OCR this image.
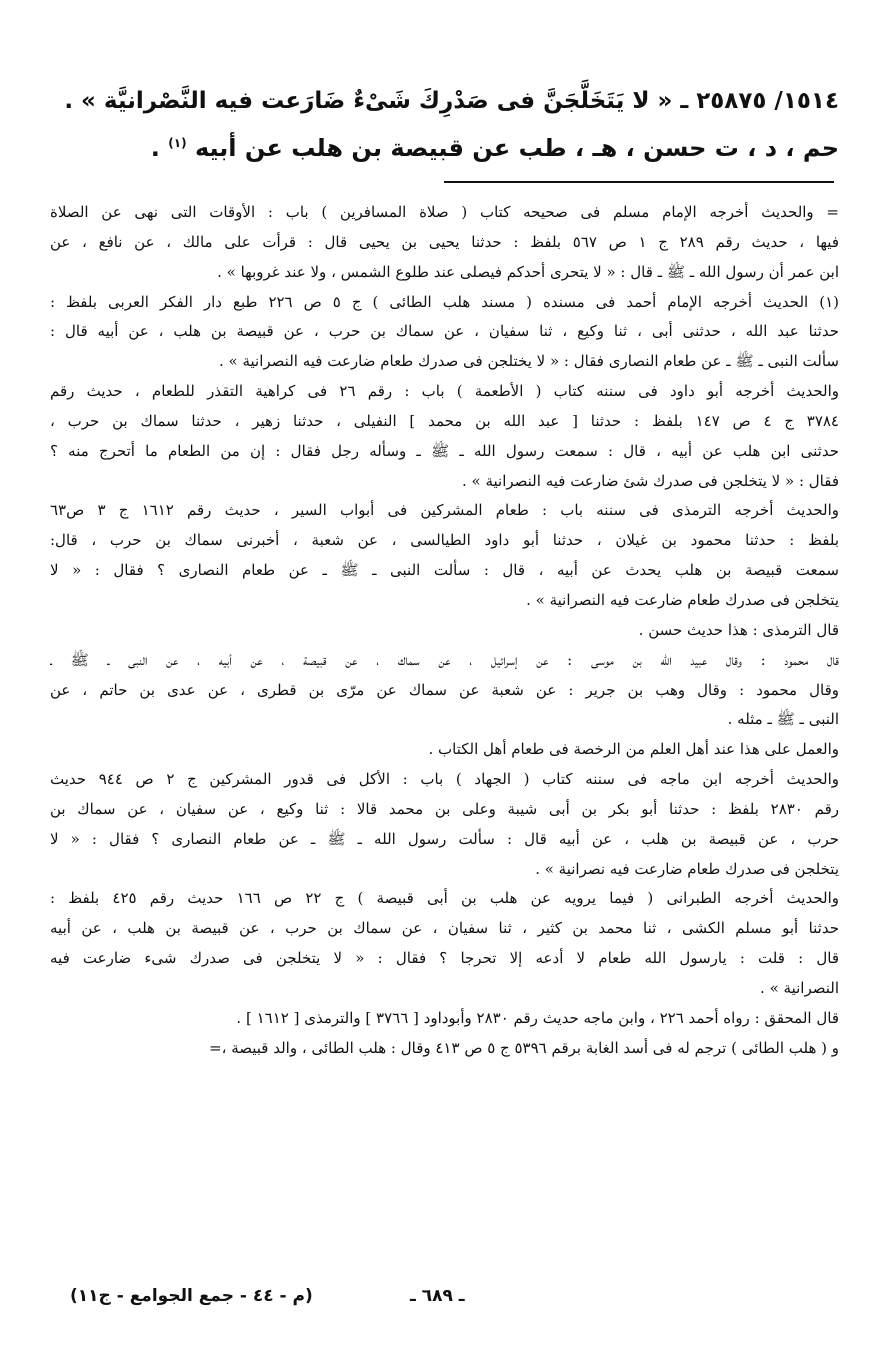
١٥١٤/ ٢٥٨٧٥ ـ « لا يَتَخَلَّجَنَّ فى صَدْرِكَ شَىْءٌ ضَارَعت فيه النَّصْرانيَّة » .
حم ، د ، ت حسن ، هـ ، طب عن قبيصة بن هلب عن أبيه $^{(١)}$ .
= والحديث أخرجه الإمام مسلم فى صحيحه كتاب ( صلاة المسافرين ) باب : الأوقات التى نهى عن الصلاة
فيها ، حديث رقم ٢٨٩ ج ١ ص ٥٦٧ بلفظ : حدثنا يحيى بن يحيى قال : قرأت على مالك ، عن نافع ، عن
ابن عمر أن رسول الله ـ ﷺ ـ قال : « لا يتحرى أحدكم فيصلى عند طلوع الشمس ، ولا عند غروبها » .
(١) الحديث أخرجه الإمام أحمد فى مسنده ( مسند هلب الطائى ) ج ٥ ص ٢٢٦ طبع دار الفكر العربى بلفظ :
حدثنا عبد الله ، حدثنى أبى ، ثنا وكيع ، ثنا سفيان ، عن سماك بن حرب ، عن قبيصة بن هلب ، عن أبيه قال :
سألت النبى ـ ﷺ ـ عن طعام النصارى فقال : « لا يختلجن فى صدرك طعام ضارعت فيه النصرانية » .
والحديث أخرجه أبو داود فى سننه كتاب ( الأطعمة ) باب : رقم ٢٦ فى كراهية التقذر للطعام ، حديث رقم
٣٧٨٤ ج ٤ ص ١٤٧ بلفظ : حدثنا [ عبد الله بن محمد ] النفيلى ، حدثنا زهير ، حدثنا سماك بن حرب ،
حدثنى ابن هلب عن أبيه ، قال : سمعت رسول الله ـ ﷺ ـ وسأله رجل فقال : إن من الطعام ما أتحرج منه ؟
فقال : « لا يتخلجن فى صدرك شئ ضارعت فيه النصرانية » .
والحديث أخرجه الترمذى فى سننه باب : طعام المشركين فى أبواب السير ، حديث رقم ١٦١٢ ج ٣ ص٦٣
بلفظ : حدثنا محمود بن غيلان ، حدثنا أبو داود الطيالسى ، عن شعبة ، أخبرنى سماك بن حرب ، قال:
سمعت قبيصة بن هلب يحدث عن أبيه ، قال : سألت النبى ـ ﷺ ـ عن طعام النصارى ؟ فقال : « لا
يتخلجن فى صدرك طعام ضارعت فيه النصرانية » .
قال الترمذى : هذا حديث حسن .
قال محمود : وقال عبيد الله بن موسى : عن إسرائيل ، عن سماك ، عن قبيصة ، عن أبيه ، عن النبى ـ ﷺ ـ
وقال محمود : وقال وهب بن جرير : عن شعبة عن سماك عن مرّى بن قطرى ، عن عدى بن حاتم ، عن
النبى ـ ﷺ ـ مثله .
والعمل على هذا عند أهل العلم من الرخصة فى طعام أهل الكتاب .
والحديث أخرجه ابن ماجه فى سننه كتاب ( الجهاد ) باب : الأكل فى قدور المشركين ج ٢ ص ٩٤٤ حديث
رقم ٢٨٣٠ بلفظ : حدثنا أبو بكر بن أبى شيبة وعلى بن محمد قالا : ثنا وكيع ، عن سفيان ، عن سماك بن
حرب ، عن قبيصة بن هلب ، عن أبيه قال : سألت رسول الله ـ ﷺ ـ عن طعام النصارى ؟ فقال : « لا
يتخلجن فى صدرك طعام ضارعت فيه نصرانية » .
والحديث أخرجه الطبرانى ( فيما يرويه عن هلب بن أبى قبيصة ) ج ٢٢ ص ١٦٦ حديث رقم ٤٢٥ بلفظ :
حدثنا أبو مسلم الكشى ، ثنا محمد بن كثير ، ثنا سفيان ، عن سماك بن حرب ، عن قبيصة بن هلب ، عن أبيه
قال : قلت : يارسول الله طعام لا أدعه إلا تحرجا ؟ فقال : « لا يتخلجن فى صدرك شىء ضارعت فيه
النصرانية » .
قال المحقق : رواه أحمد ٢٢٦ ، وابن ماجه حديث رقم ٢٨٣٠ وأبوداود [ ٣٧٦٦ ] والترمذى [ ١٦١٢ ] .
و ( هلب الطائى ) ترجم له فى أسد الغابة برقم ٥٣٩٦ ج ٥ ص ٤١٣ وقال : هلب الطائى ، والد قبيصة ،=
ـ ٦٨٩ ـ
(م - ٤٤ - جمع الجوامع - ج١١)
